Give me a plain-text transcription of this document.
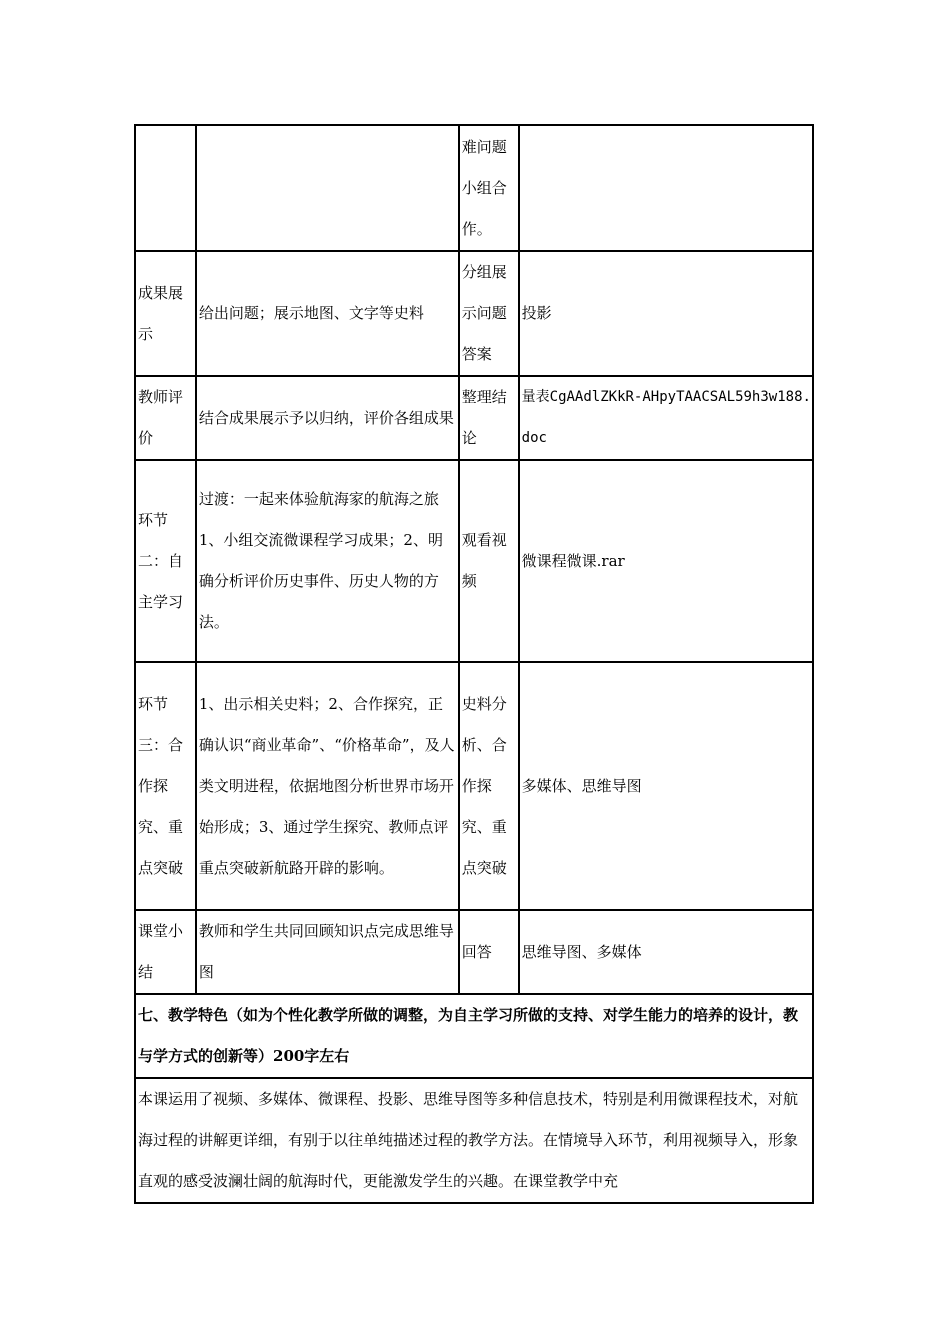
		难问题小组合作。	
成果展示	给出问题；展示地图、文字等史料	分组展示问题答案	投影
教师评价	结合成果展示予以归纳，评价各组成果	整理结论	量表CgAAdlZKkR-AHpyTAACSAL59h3w188.doc
环节二：自主学习	过渡：一起来体验航海家的航海之旅1、小组交流微课程学习成果；2、明确分析评价历史事件、历史人物的方法。	观看视频	微课程微课.rar
环节三：合作探究、重点突破	1、出示相关史料；2、合作探究，正确认识“商业革命”、“价格革命”，及人类文明进程，依据地图分析世界市场开始形成；3、通过学生探究、教师点评重点突破新航路开辟的影响。	史料分析、合作探究、重点突破	多媒体、思维导图
课堂小结	教师和学生共同回顾知识点完成思维导图	回答	思维导图、多媒体
七、教学特色（如为个性化教学所做的调整，为自主学习所做的支持、对学生能力的培养的设计，教与学方式的创新等）200字左右			
本课运用了视频、多媒体、微课程、投影、思维导图等多种信息技术，特别是利用微课程技术，对航海过程的讲解更详细，有别于以往单纯描述过程的教学方法。在情境导入环节，利用视频导入，形象直观的感受波澜壮阔的航海时代，更能激发学生的兴趣。在课堂教学中充			
